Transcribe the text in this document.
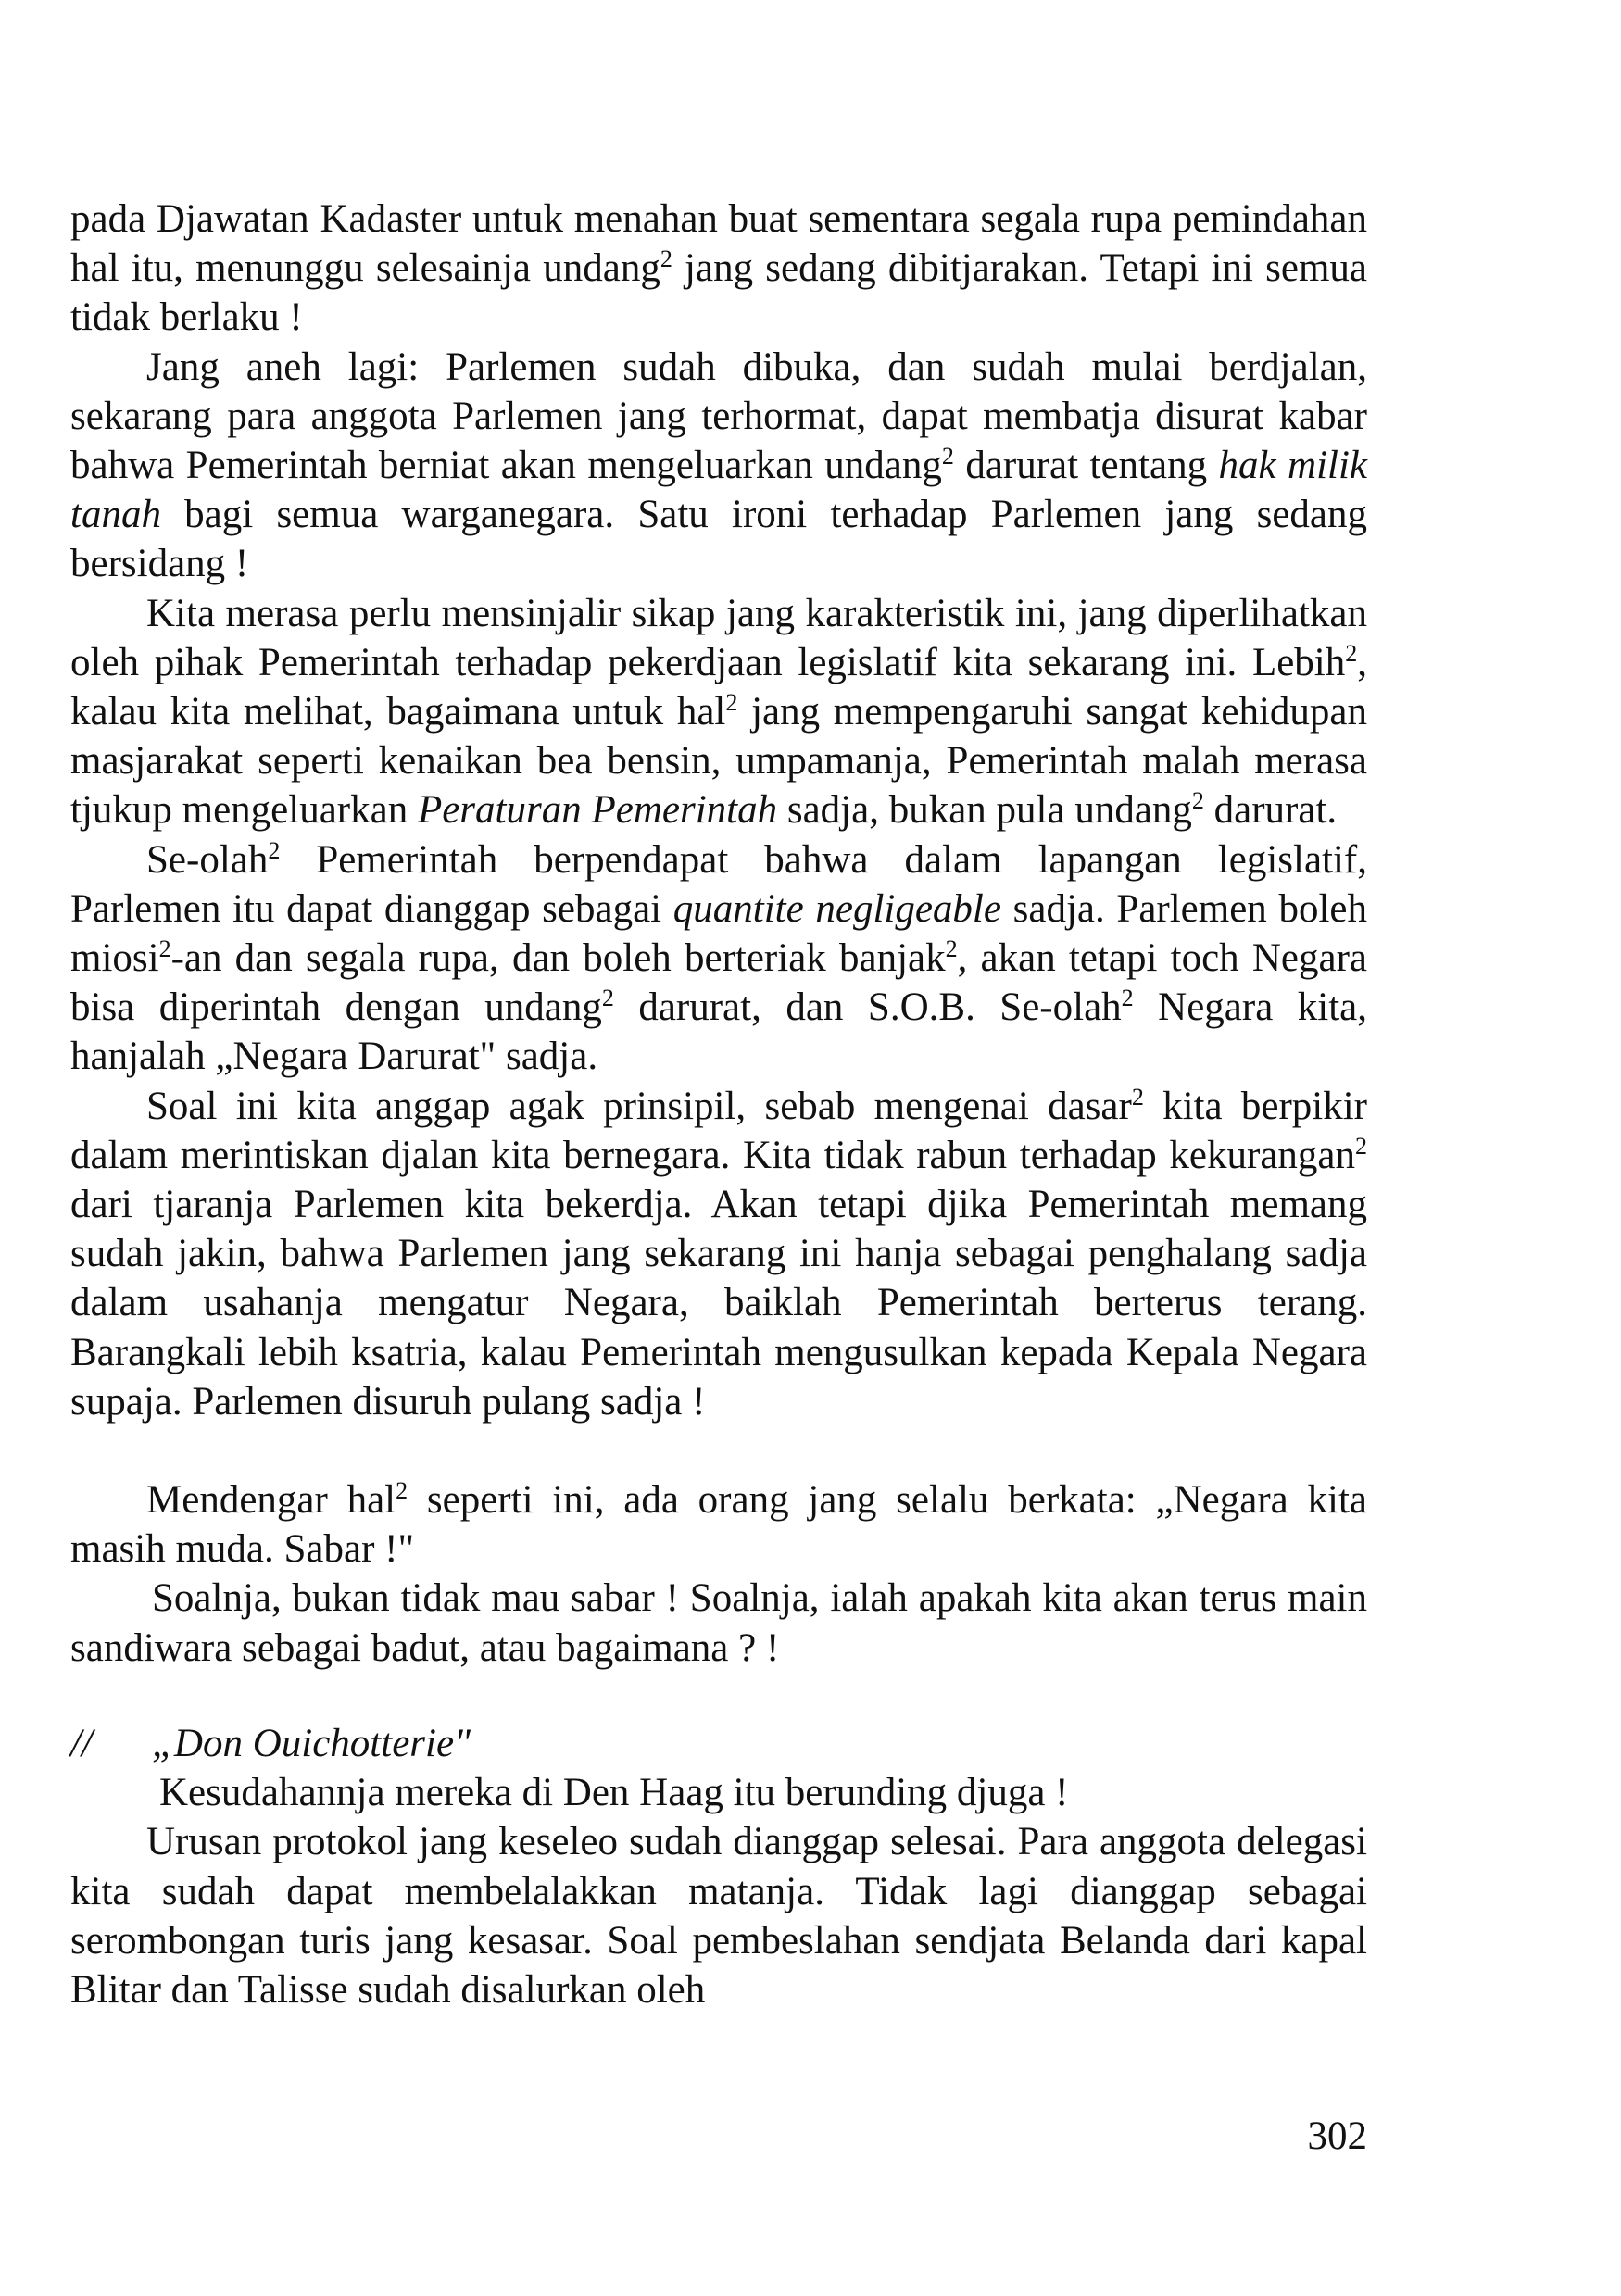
pada Djawatan Kadaster untuk menahan buat sementara segala rupa pemindahan hal itu, menunggu selesainja undang$^2$ jang sedang dibitjarakan. Tetapi ini semua tidak berlaku !

Jang aneh lagi: Parlemen sudah dibuka, dan sudah mulai berdjalan, sekarang para anggota Parlemen jang terhormat, dapat membatja disurat kabar bahwa Pemerintah berniat akan mengeluarkan undang$^2$ darurat tentang hak milik tanah bagi semua warganegara. Satu ironi terhadap Parlemen jang sedang bersidang !

Kita merasa perlu mensinjalir sikap jang karakteristik ini, jang diperlihatkan oleh pihak Pemerintah terhadap pekerdjaan legislatif kita sekarang ini. Lebih$^2$, kalau kita melihat, bagaimana untuk hal$^2$ jang mempengaruhi sangat kehidupan masjarakat seperti kenaikan bea bensin, umpamanja, Pemerintah malah merasa tjukup mengeluarkan Peraturan Pemerintah sadja, bukan pula undang$^2$ darurat.

Se-olah$^2$ Pemerintah berpendapat bahwa dalam lapangan legislatif, Parlemen itu dapat dianggap sebagai quantite negligeable sadja. Parlemen boleh miosi$^2$-an dan segala rupa, dan boleh berteriak banjak$^2$, akan tetapi toch Negara bisa diperintah dengan undang$^2$ darurat, dan S.O.B. Se-olah$^2$ Negara kita, hanjalah „Negara Darurat" sadja.

Soal ini kita anggap agak prinsipil, sebab mengenai dasar$^2$ kita berpikir dalam merintiskan djalan kita bernegara. Kita tidak rabun terhadap kekurangan$^2$ dari tjaranja Parlemen kita bekerdja. Akan tetapi djika Pemerintah memang sudah jakin, bahwa Parlemen jang sekarang ini hanja sebagai penghalang sadja dalam usahanja mengatur Negara, baiklah Pemerintah berterus terang. Barangkali lebih ksatria, kalau Pemerintah mengusulkan kepada Kepala Negara supaja. Parlemen disuruh pulang sadja !

Mendengar hal$^2$ seperti ini, ada orang jang selalu berkata: „Negara kita masih muda. Sabar !"

Soalnja, bukan tidak mau sabar ! Soalnja, ialah apakah kita akan terus main sandiwara sebagai badut, atau bagaimana ? !

// „Don Ouichotterie"

Kesudahannja mereka di Den Haag itu berunding djuga !

Urusan protokol jang keseleo sudah dianggap selesai. Para anggota delegasi kita sudah dapat membelalakkan matanja. Tidak lagi dianggap sebagai serombongan turis jang kesasar. Soal pembeslahan sendjata Belanda dari kapal Blitar dan Talisse sudah disalurkan oleh

302
